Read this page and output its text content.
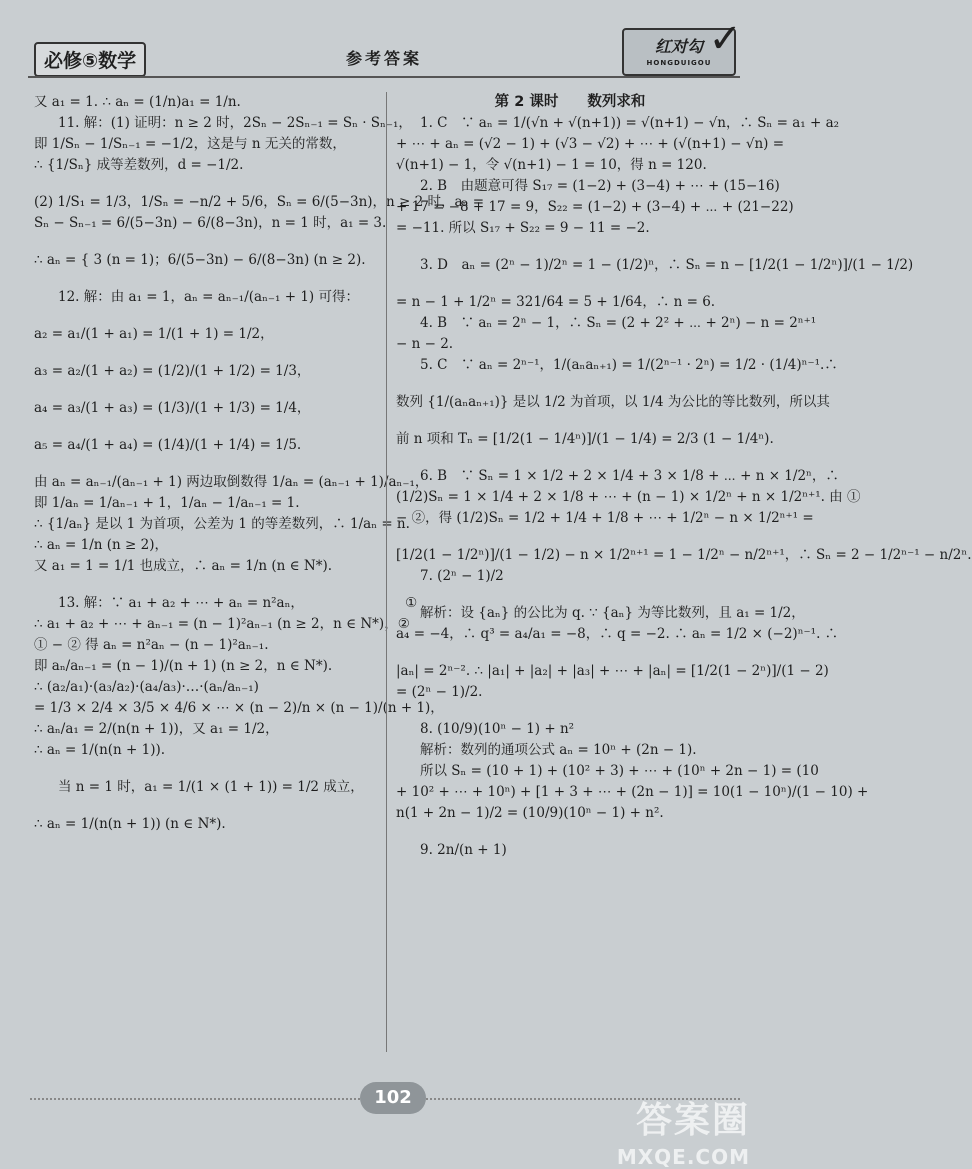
必修⑤数学	参考答案
红对勾
HONGDUIGOU
✓
又 a₁ = 1. ∴ aₙ = (1/n)a₁ = 1/n.
11. 解：(1) 证明：n ≥ 2 时，2Sₙ − 2Sₙ₋₁ = Sₙ · Sₙ₋₁，
即 1/Sₙ − 1/Sₙ₋₁ = −1/2，这是与 n 无关的常数，
∴ {1/Sₙ} 成等差数列，d = −1/2.
(2) 1/S₁ = 1/3，1/Sₙ = −n/2 + 5/6，Sₙ = 6/(5−3n)，n ≥ 2 时，aₙ =
Sₙ − Sₙ₋₁ = 6/(5−3n) − 6/(8−3n)，n = 1 时，a₁ = 3.
∴ aₙ = { 3 (n = 1)；6/(5−3n) − 6/(8−3n) (n ≥ 2).
12. 解：由 a₁ = 1，aₙ = aₙ₋₁/(aₙ₋₁ + 1) 可得：
a₂ = a₁/(1 + a₁) = 1/(1 + 1) = 1/2，
a₃ = a₂/(1 + a₂) = (1/2)/(1 + 1/2) = 1/3，
a₄ = a₃/(1 + a₃) = (1/3)/(1 + 1/3) = 1/4，
a₅ = a₄/(1 + a₄) = (1/4)/(1 + 1/4) = 1/5.
由 aₙ = aₙ₋₁/(aₙ₋₁ + 1) 两边取倒数得 1/aₙ = (aₙ₋₁ + 1)/aₙ₋₁，
即 1/aₙ = 1/aₙ₋₁ + 1，1/aₙ − 1/aₙ₋₁ = 1.
∴ {1/aₙ} 是以 1 为首项，公差为 1 的等差数列，∴ 1/aₙ = n.
∴ aₙ = 1/n (n ≥ 2)，
又 a₁ = 1 = 1/1 也成立，∴ aₙ = 1/n (n ∈ N*).
13. 解：∵ a₁ + a₂ + ⋯ + aₙ = n²aₙ，　　　　　　　　①
∴ a₁ + a₂ + ⋯ + aₙ₋₁ = (n − 1)²aₙ₋₁ (n ≥ 2，n ∈ N*)，②
① − ② 得 aₙ = n²aₙ − (n − 1)²aₙ₋₁.
即 aₙ/aₙ₋₁ = (n − 1)/(n + 1) (n ≥ 2，n ∈ N*).
∴ (a₂/a₁)·(a₃/a₂)·(a₄/a₃)·…·(aₙ/aₙ₋₁)
= 1/3 × 2/4 × 3/5 × 4/6 × ⋯ × (n − 2)/n × (n − 1)/(n + 1)，
∴ aₙ/a₁ = 2/(n(n + 1))，又 a₁ = 1/2，
∴ aₙ = 1/(n(n + 1)).
当 n = 1 时，a₁ = 1/(1 × (1 + 1)) = 1/2 成立，
∴ aₙ = 1/(n(n + 1)) (n ∈ N*).
第 2 课时　　数列求和
1. C　∵ aₙ = 1/(√n + √(n+1)) = √(n+1) − √n，∴ Sₙ = a₁ + a₂
+ ⋯ + aₙ = (√2 − 1) + (√3 − √2) + ⋯ + (√(n+1) − √n) =
√(n+1) − 1，令 √(n+1) − 1 = 10，得 n = 120.
2. B　由题意可得 S₁₇ = (1−2) + (3−4) + ⋯ + (15−16)
+ 17 = −8 + 17 = 9，S₂₂ = (1−2) + (3−4) + ⋯ + (21−22)
= −11. 所以 S₁₇ + S₂₂ = 9 − 11 = −2.
3. D　aₙ = (2ⁿ − 1)/2ⁿ = 1 − (1/2)ⁿ，∴ Sₙ = n − [1/2(1 − 1/2ⁿ)]/(1 − 1/2)
= n − 1 + 1/2ⁿ = 321/64 = 5 + 1/64，∴ n = 6.
4. B　∵ aₙ = 2ⁿ − 1，∴ Sₙ = (2 + 2² + ⋯ + 2ⁿ) − n = 2ⁿ⁺¹
− n − 2.
5. C　∵ aₙ = 2ⁿ⁻¹，1/(aₙaₙ₊₁) = 1/(2ⁿ⁻¹ · 2ⁿ) = 1/2 · (1/4)ⁿ⁻¹.∴
数列 {1/(aₙaₙ₊₁)} 是以 1/2 为首项，以 1/4 为公比的等比数列，所以其
前 n 项和 Tₙ = [1/2(1 − 1/4ⁿ)]/(1 − 1/4) = 2/3 (1 − 1/4ⁿ).
6. B　∵ Sₙ = 1 × 1/2 + 2 × 1/4 + 3 × 1/8 + ⋯ + n × 1/2ⁿ，∴
(1/2)Sₙ = 1 × 1/4 + 2 × 1/8 + ⋯ + (n − 1) × 1/2ⁿ + n × 1/2ⁿ⁺¹. 由 ①
− ②，得 (1/2)Sₙ = 1/2 + 1/4 + 1/8 + ⋯ + 1/2ⁿ − n × 1/2ⁿ⁺¹ =
[1/2(1 − 1/2ⁿ)]/(1 − 1/2) − n × 1/2ⁿ⁺¹ = 1 − 1/2ⁿ − n/2ⁿ⁺¹，∴ Sₙ = 2 − 1/2ⁿ⁻¹ − n/2ⁿ.
7. (2ⁿ − 1)/2
解析：设 {aₙ} 的公比为 q. ∵ {aₙ} 为等比数列，且 a₁ = 1/2，
a₄ = −4，∴ q³ = a₄/a₁ = −8，∴ q = −2. ∴ aₙ = 1/2 × (−2)ⁿ⁻¹. ∴
|aₙ| = 2ⁿ⁻². ∴ |a₁| + |a₂| + |a₃| + ⋯ + |aₙ| = [1/2(1 − 2ⁿ)]/(1 − 2)
= (2ⁿ − 1)/2.
8. (10/9)(10ⁿ − 1) + n²
解析：数列的通项公式 aₙ = 10ⁿ + (2n − 1).
所以 Sₙ = (10 + 1) + (10² + 3) + ⋯ + (10ⁿ + 2n − 1) = (10
+ 10² + ⋯ + 10ⁿ) + [1 + 3 + ⋯ + (2n − 1)] = 10(1 − 10ⁿ)/(1 − 10) +
n(1 + 2n − 1)/2 = (10/9)(10ⁿ − 1) + n².
9. 2n/(n + 1)
102
答案圈
MXQE.COM
